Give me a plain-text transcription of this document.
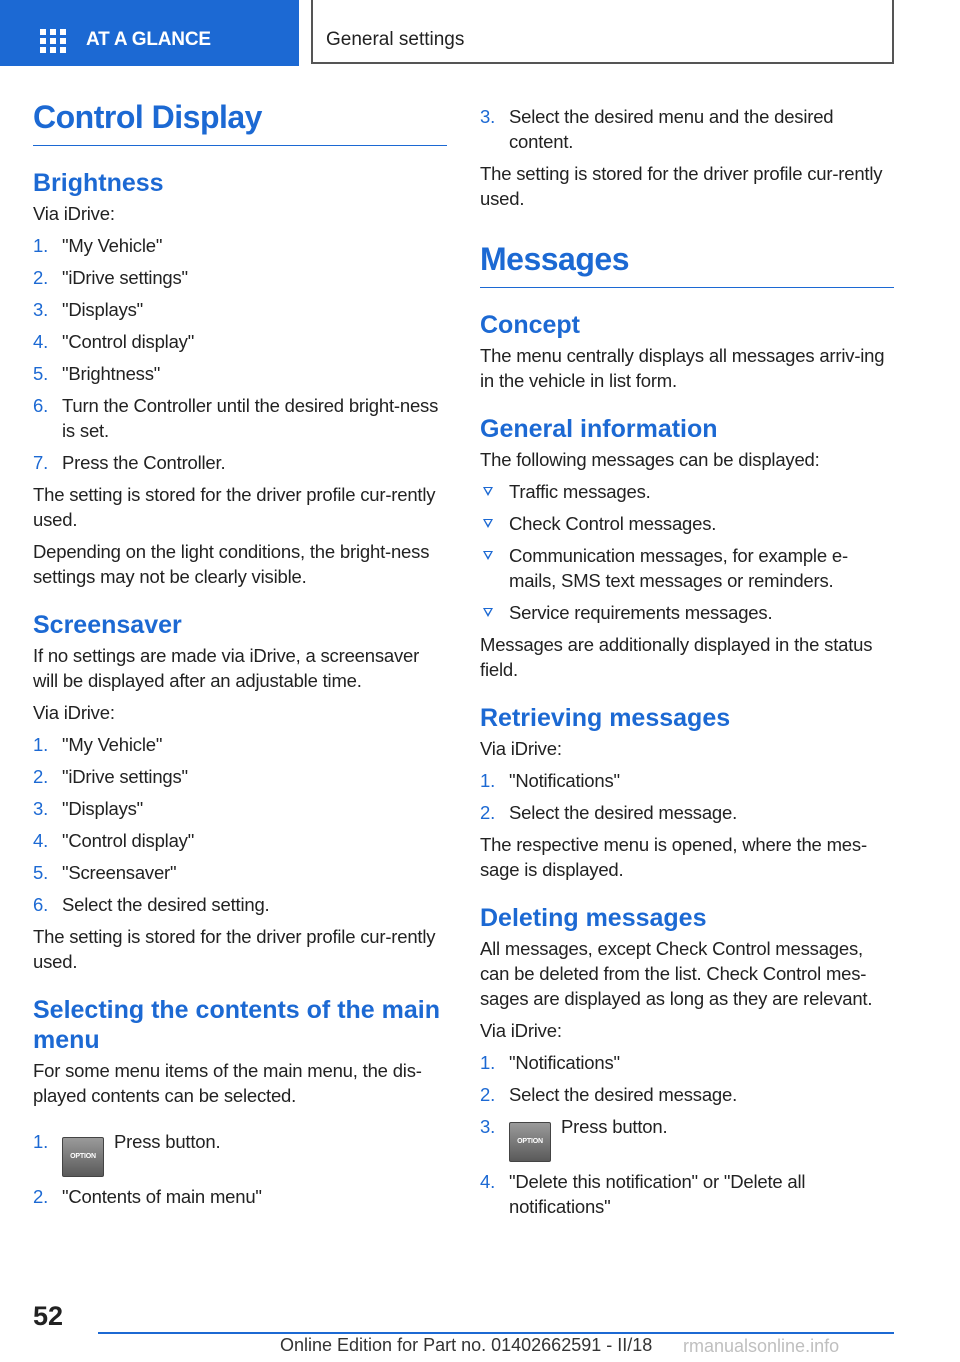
AT A GLANCE	General settings
Control Display
Brightness
Via iDrive:
1. "My Vehicle"
2. "iDrive settings"
3. "Displays"
4. "Control display"
5. "Brightness"
6. Turn the Controller until the desired bright-ness is set.
7. Press the Controller.
The setting is stored for the driver profile cur-rently used.
Depending on the light conditions, the bright-ness settings may not be clearly visible.
Screensaver
If no settings are made via iDrive, a screensaver will be displayed after an adjustable time.
Via iDrive:
1. "My Vehicle"
2. "iDrive settings"
3. "Displays"
4. "Control display"
5. "Screensaver"
6. Select the desired setting.
The setting is stored for the driver profile cur-rently used.
Selecting the contents of the main menu
For some menu items of the main menu, the dis-played contents can be selected.
1.
OPTIONPress button.
2. "Contents of main menu"
3. Select the desired menu and the desired content.
The setting is stored for the driver profile cur-rently used.
Messages
Concept
The menu centrally displays all messages arriv-ing in the vehicle in list form.
General information
The following messages can be displayed:
Traffic messages.
Check Control messages.
Communication messages, for example e-mails, SMS text messages or reminders.
Service requirements messages.
Messages are additionally displayed in the status field.
Retrieving messages
Via iDrive:
1. "Notifications"
2. Select the desired message.
The respective menu is opened, where the mes-sage is displayed.
Deleting messages
All messages, except Check Control messages, can be deleted from the list. Check Control mes-sages are displayed as long as they are relevant.
Via iDrive:
1. "Notifications"
2. Select the desired message.
3.
OPTIONPress button.
4. "Delete this notification" or "Delete all notifications"
52
Online Edition for Part no. 01402662591 - II/18 rmanualsonline.info
